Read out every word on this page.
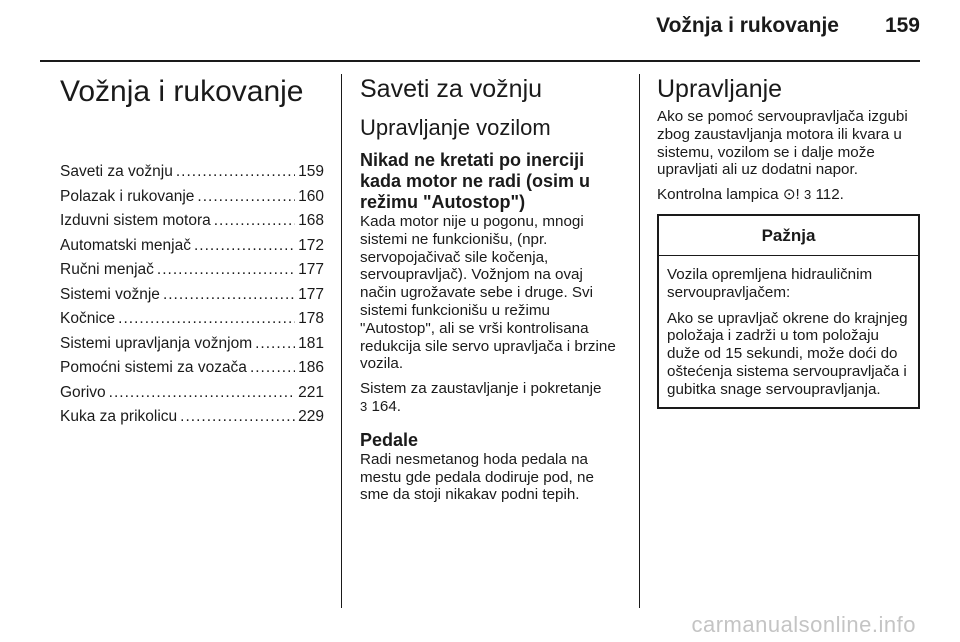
Vožnja i rukovanje 159
Vožnja i rukovanje
Saveti za vožnju .....	159
Polazak i rukovanje .....	160
Izduvni sistem motora .....	168
Automatski menjač .....	172
Ručni menjač .....	177
Sistemi vožnje .....	177
Kočnice .....	178
Sistemi upravljanja vožnjom .....	181
Pomoćni sistemi za vozača .....	186
Gorivo .....	221
Kuka za prikolicu .....	229
Saveti za vožnju
Upravljanje vozilom
Nikad ne kretati po inerciji kada motor ne radi (osim u režimu "Autostop")

Kada motor nije u pogonu, mnogi sistemi ne funkcionišu, (npr. servopojačivač sile kočenja, servoupravljač). Vožnjom na ovaj način ugrožavate sebe i druge. Svi sistemi funkcionišu u režimu "Autostop", ali se vrši kontrolisana redukcija sile servo upravljača i brzine vozila.

Sistem za zaustavljanje i pokretanje
3 164.

Pedale

Radi nesmetanog hoda pedala na mestu gde pedala dodiruje pod, ne sme da stoji nikakav podni tepih.

Upravljanje

Ako se pomoć servoupravljača izgubi zbog zaustavljanja motora ili kvara u sistemu, vozilom se i dalje može upravljati ali uz dodatni napor.

Kontrolna lampica ⊙! 3 112.

Pažnja

Vozila opremljena hidrauličnim servoupravljačem:

Ako se upravljač okrene do krajnjeg položaja i zadrži u tom položaju duže od 15 sekundi, može doći do oštećenja sistema servoupravljača i gubitka snage servoupravljanja.

carmanualsonline.info
